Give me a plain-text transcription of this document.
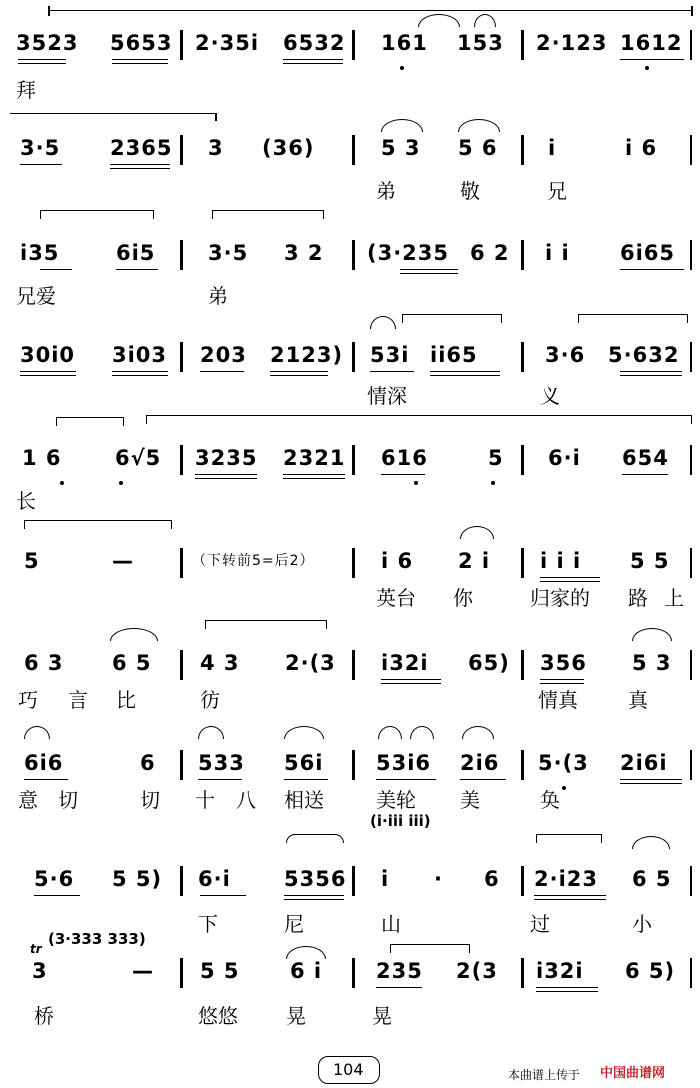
3523 5653 2·35i 6532 161 153 2·123 1612
拜
3·5 2365 3 (36)	5 3 5 6 i	i 6
弟	敬	兄
i35	6i5	3·5 3 2 (3·235 6 2 i i 6i65
兄爱	弟
30i0 3i03 203 2123) 53i ii65	3·6 5·632
情深	义
1 6	6√5 3235 2321 616	5 6·i 654
长
5	—	（下转前5=后2）	i 6 2 i i i i 5 5
英台 你	归家的 路 上
6 3 6 5 4 3 2·(3 i32i 65) 356 5 3
巧 言 比	彷	情真	真
6i6	6 533 56i	53i6 2i6 5·(3 2i6i
意 切	切 十 八 相送	美轮 美	奂
(i·iii iii)
5·6 5 5) 6·i	5356 i · 6 2·i23 6 5
下	尼	山	过	小
(3·333 333)
tr
3	— 5 5 6 i	235 2(3 i32i 6 5)
桥	悠悠 晃	晃
104	本曲谱上传于 中国曲谱网
